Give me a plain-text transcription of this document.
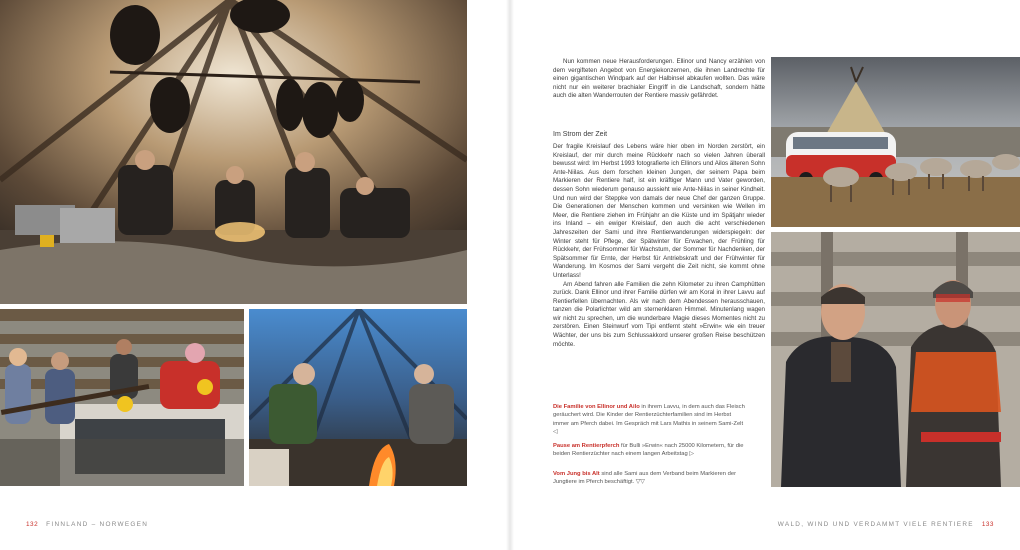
Nun kommen neue Herausforderungen. Ellinor und Nancy erzählen von dem vergifteten Angebot von Energiekonzernen, die ihnen Landrechte für einen gigantischen Windpark auf der Halbinsel abkaufen wollten. Das wäre nicht nur ein weiterer brachialer Eingriff in die Landschaft, sondern hätte auch die alten Wanderrouten der Rentiere massiv gefährdet.

Im Strom der Zeit

Der fragile Kreislauf des Lebens wäre hier oben im Norden zerstört, ein Kreislauf, der mir durch meine Rückkehr nach so vielen Jahren überall bewusst wird: Im Herbst 1993 fotografierte ich Ellinors und Ailos älteren Sohn Ante-Niilas. Aus dem forschen kleinen Jungen, der seinem Papa beim Markieren der Rentiere half, ist ein kräftiger Mann und Vater geworden, dessen Sohn wiederum genauso aussieht wie Ante-Niilas in seiner Kindheit. Und nun wird der Steppke von damals der neue Chef der ganzen Gruppe. Die Generationen der Menschen kommen und versinken wie Wellen im Meer, die Rentiere ziehen im Frühjahr an die Küste und im Spätjahr wieder ins Inland – ein ewiger Kreislauf, den auch die acht verschiedenen Jahreszeiten der Sami und ihre Rentierwanderungen widerspiegeln: der Winter steht für Pflege, der Spätwinter für Erwachen, der Frühling für Rückkehr, der Frühsommer für Wachstum, der Sommer für Nachdenken, der Spätsommer für Ernte, der Herbst für Antriebskraft und der Frühwinter für Wanderung. Im Kosmos der Sami vergeht die Zeit nicht, sie kommt ohne Unterlass!

Am Abend fahren alle Familien die zehn Kilometer zu ihren Camphütten zurück. Dank Ellinor und ihrer Familie dürfen wir am Koral in ihrer Lavvu auf Rentierfellen übernachten. Als wir nach dem Abendessen herausschauen, tanzen die Polarlichter wild am sternenklaren Himmel. Minutenlang wagen wir nicht zu sprechen, um die wunderbare Magie dieses Momentes nicht zu zerstören. Einen Steinwurf vom Tipi entfernt steht »Erwin« wie ein treuer Wächter, der uns bis zum Schlussakkord unserer großen Reise beschützen möchte.

Die Familie von Ellinor und Ailo in ihrem Lavvu, in dem auch das Fleisch geräuchert wird. Die Kinder der Rentierzüchterfamilien sind im Herbst immer am Pferch dabei. Im Gespräch mit Lars Mathis in seinem Sami-Zelt ◁
Pause am Rentierpferch für Bulli »Erwin« nach 25000 Kilometern, für die beiden Rentierzüchter nach einem langen Arbeitstag ▷
Vom Jung bis Alt sind alle Sami aus dem Verband beim Markieren der Jungtiere im Pferch beschäftigt. ▽▽
132 FINNLAND – NORWEGEN	WALD, WIND UND VERDAMMT VIELE RENTIERE 133
